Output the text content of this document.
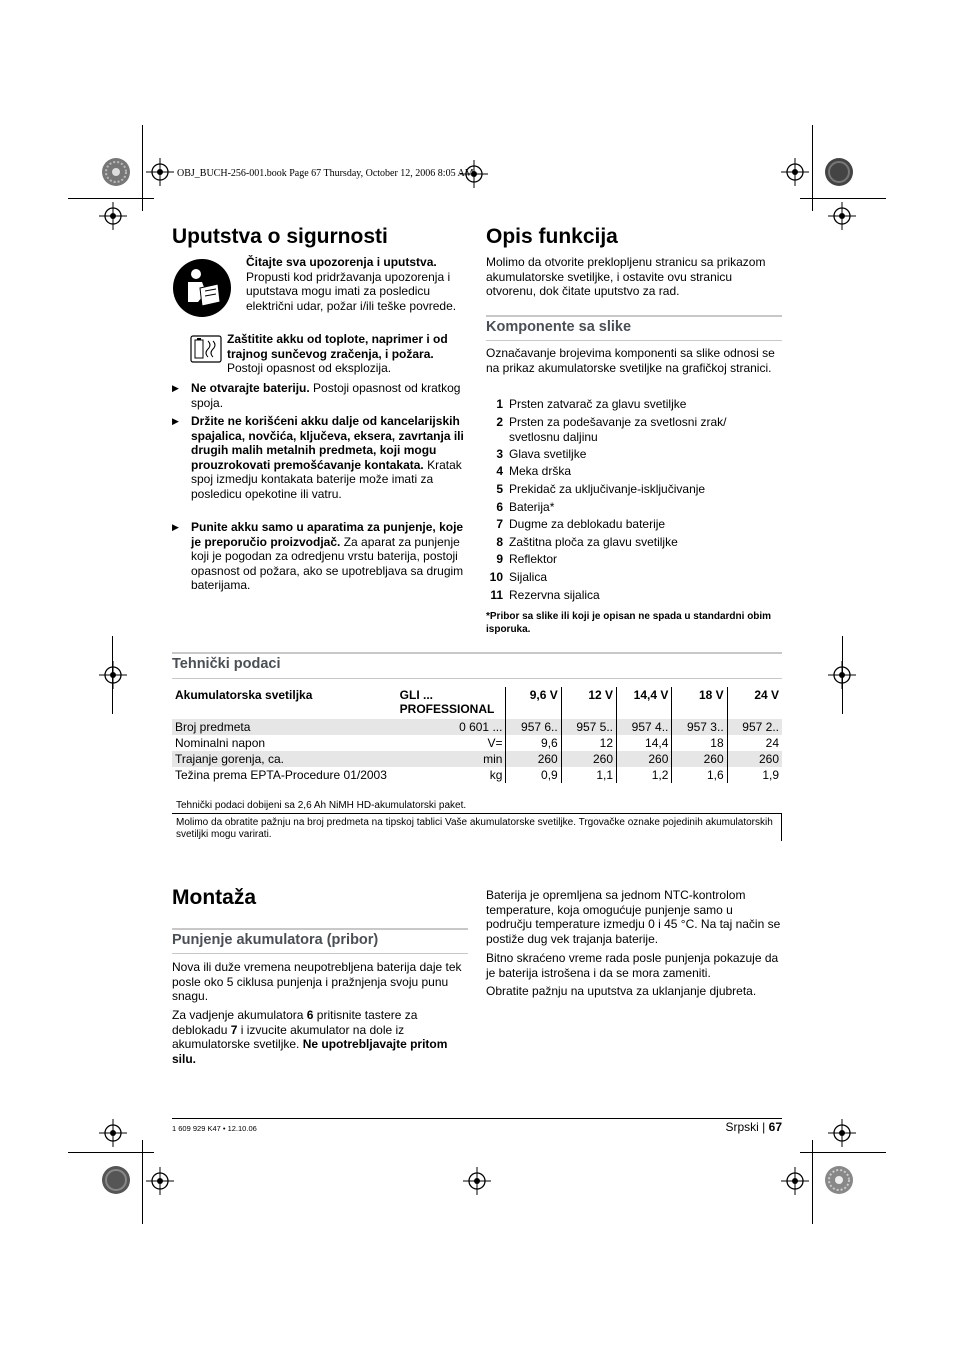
OBJ_BUCH-256-001.book Page 67 Thursday, October 12, 2006 8:05 AM
Uputstva o sigurnosti
Čitajte sva upozorenja i uputstva.
Propusti kod pridržavanja upozorenja i uputstava mogu imati za posledicu električni udar, požar i/ili teške povrede.
Zaštitite akku od toplote, naprimer i od trajnog sunčevog zračenja, i požara. Postoji opasnost od eksplozija.
▶ Ne otvarajte bateriju. Postoji opasnost od kratkog spoja.
▶ Držite ne korišćeni akku dalje od kancelarijskih spajalica, novčića, ključeva, eksera, zavrtanja ili drugih malih metalnih predmeta, koji mogu prouzrokovati premošćavanje kontakata. Kratak spoj izmedju kontakata baterije može imati za posledicu opekotine ili vatru.
▶ Punite akku samo u aparatima za punjenje, koje je preporučio proizvodjač. Za aparat za punjenje koji je pogodan za odredjenu vrstu baterija, postoji opasnost od požara, ako se upotrebljava sa drugim baterijama.
Opis funkcija
Molimo da otvorite preklopljenu stranicu sa prikazom akumulatorske svetiljke, i ostavite ovu stranicu otvorenu, dok čitate uputstvo za rad.
Komponente sa slike
Označavanje brojevima komponenti sa slike odnosi se na prikaz akumulatorske svetiljke na grafičkoj stranici.
1 Prsten zatvarač za glavu svetiljke
2 Prsten za podešavanje za svetlosni zrak/ svetlosnu daljinu
3 Glava svetiljke
4 Meka drška
5 Prekidač za uključivanje-isključivanje
6 Baterija*
7 Dugme za deblokadu baterije
8 Zaštitna ploča za glavu svetiljke
9 Reflektor
10 Sijalica
11 Rezervna sijalica
*Pribor sa slike ili koji je opisan ne spada u standardni obim isporuka.
Tehnički podaci
Akumulatorska svetiljka	GLI ... PROFESSIONAL	9,6 V	12 V	14,4 V	18 V	24 V
Broj predmeta	0 601 ...	957 6..	957 5..	957 4..	957 3..	957 2..
Nominalni napon	V=	9,6	12	14,4	18	24
Trajanje gorenja, ca.	min	260	260	260	260	260
Težina prema EPTA-Procedure 01/2003	kg	0,9	1,1	1,2	1,6	1,9
Tehnički podaci dobijeni sa 2,6 Ah NiMH HD-akumulatorski paket.
Molimo da obratite pažnju na broj predmeta na tipskoj tablici Vaše akumulatorske svetiljke. Trgovačke oznake pojedinih akumulatorskih svetiljki mogu varirati.
Montaža
Punjenje akumulatora (pribor)
Nova ili duže vremena neupotrebljena baterija daje tek posle oko 5 ciklusa punjenja i pražnjenja svoju punu snagu.
Za vadjenje akumulatora 6 pritisnite tastere za deblokadu 7 i izvucite akumulator na dole iz akumulatorske svetiljke. Ne upotrebljavajte pritom silu.
Baterija je opremljena sa jednom NTC-kontrolom temperature, koja omogućuje punjenje samo u području temperature izmedju 0 i 45 °C. Na taj način se postiže dug vek trajanja baterije.
Bitno skraćeno vreme rada posle punjenja pokazuje da je baterija istrošena i da se mora zameniti.
Obratite pažnju na uputstva za uklanjanje djubreta.
1 609 929 K47 • 12.10.06	Srpski | 67
